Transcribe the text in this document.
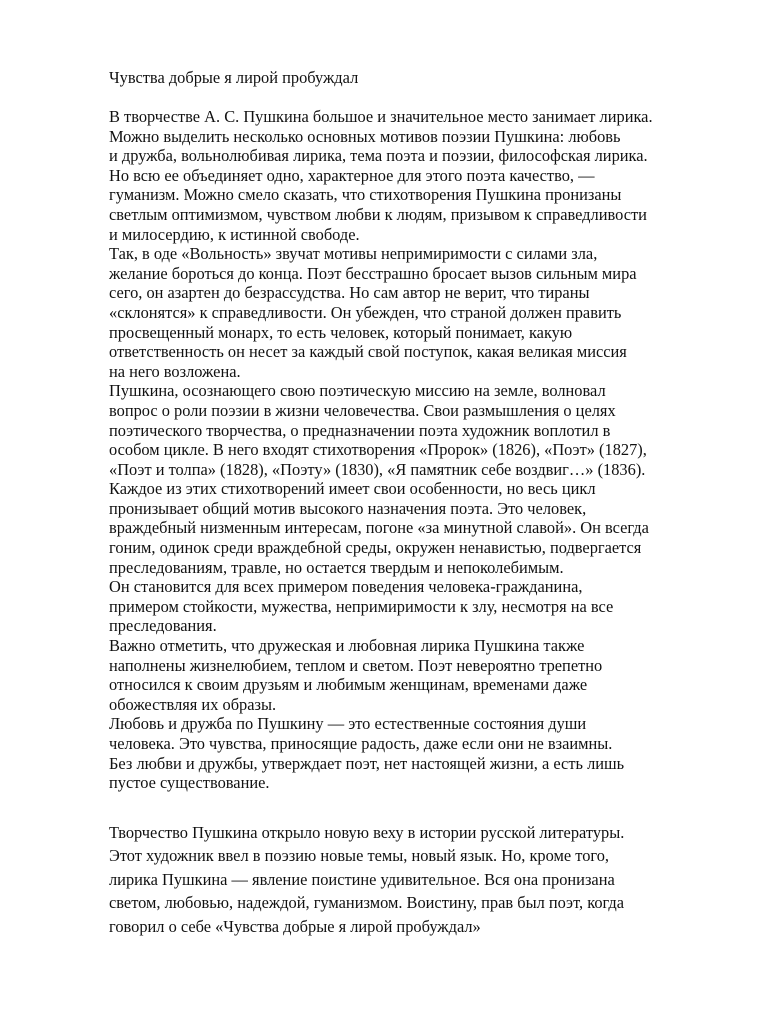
Чувства добрые я лирой пробуждал
В творчестве А. С. Пушкина большое и значительное место занимает лирика.
Можно выделить несколько основных мотивов поэзии Пушкина: любовь
и дружба, вольнолюбивая лирика, тема поэта и поэзии, философская лирика.
Но всю ее объединяет одно, характерное для этого поэта качество, —
гуманизм. Можно смело сказать, что стихотворения Пушкина пронизаны
светлым оптимизмом, чувством любви к людям, призывом к справедливости
и милосердию, к истинной свободе.
Так, в оде «Вольность» звучат мотивы непримиримости с силами зла,
желание бороться до конца. Поэт бесстрашно бросает вызов сильным мира
сего, он азартен до безрассудства. Но сам автор не верит, что тираны
«склонятся» к справедливости. Он убежден, что страной должен править
просвещенный монарх, то есть человек, который понимает, какую
ответственность он несет за каждый свой поступок, какая великая миссия
на него возложена.
Пушкина, осознающего свою поэтическую миссию на земле, волновал
вопрос о роли поэзии в жизни человечества. Свои размышления о целях
поэтического творчества, о предназначении поэта художник воплотил в
особом цикле. В него входят стихотворения «Пророк» (1826), «Поэт» (1827),
«Поэт и толпа» (1828), «Поэту» (1830), «Я памятник себе воздвиг…» (1836).
Каждое из этих стихотворений имеет свои особенности, но весь цикл
пронизывает общий мотив высокого назначения поэта. Это человек,
враждебный низменным интересам, погоне «за минутной славой». Он всегда
гоним, одинок среди враждебной среды, окружен ненавистью, подвергается
преследованиям, травле, но остается твердым и непоколебимым.
Он становится для всех примером поведения человека-гражданина,
примером стойкости, мужества, непримиримости к злу, несмотря на все
преследования.
Важно отметить, что дружеская и любовная лирика Пушкина также
наполнены жизнелюбием, теплом и светом. Поэт невероятно трепетно
относился к своим друзьям и любимым женщинам, временами даже
обожествляя их образы.
Любовь и дружба по Пушкину — это естественные состояния души
человека. Это чувства, приносящие радость, даже если они не взаимны.
Без любви и дружбы, утверждает поэт, нет настоящей жизни, а есть лишь
пустое существование.
Творчество Пушкина открыло новую веху в истории русской литературы.
Этот художник ввел в поэзию новые темы, новый язык. Но, кроме того,
лирика Пушкина — явление поистине удивительное. Вся она пронизана
светом, любовью, надеждой, гуманизмом. Воистину, прав был поэт, когда
говорил о себе «Чувства добрые я лирой пробуждал»
